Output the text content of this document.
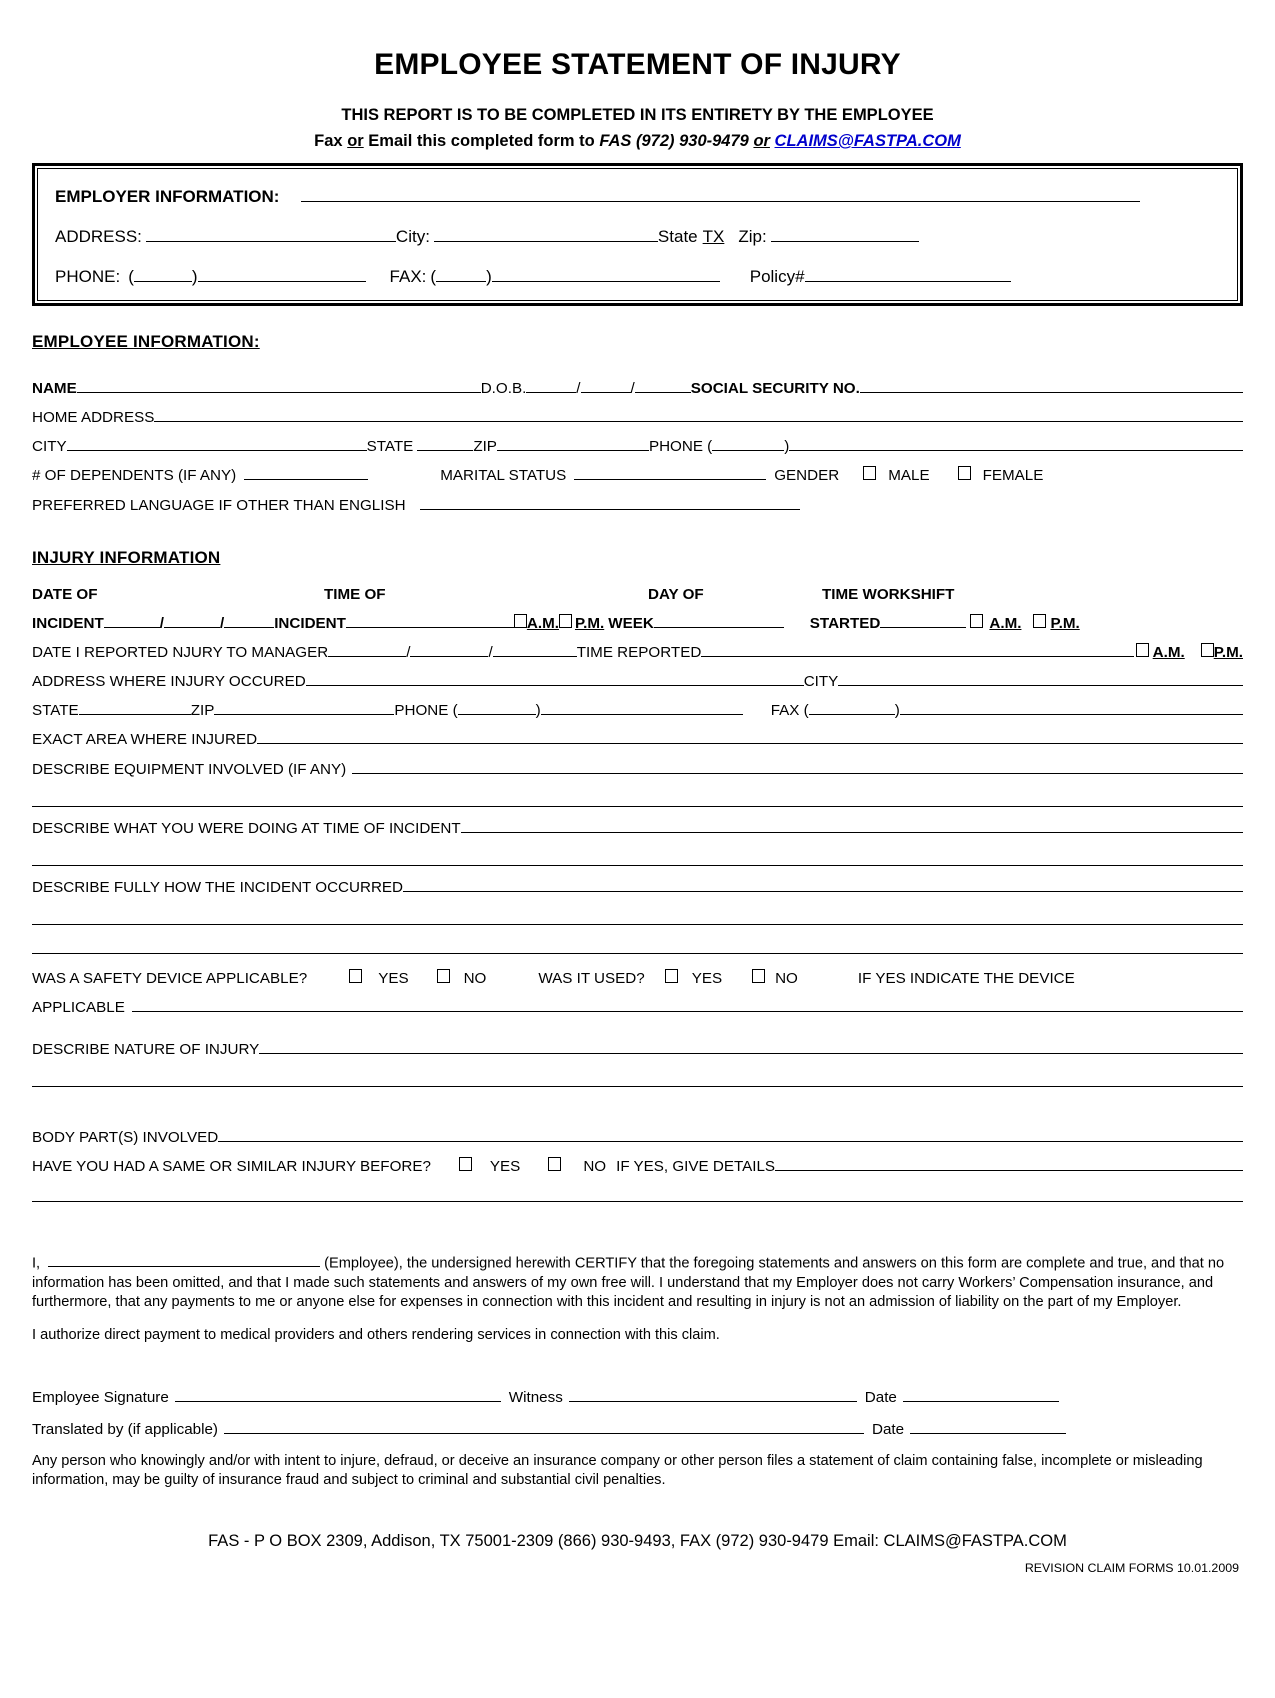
EMPLOYEE STATEMENT OF INJURY
THIS REPORT IS TO BE COMPLETED IN ITS ENTIRETY BY THE EMPLOYEE
Fax or Email this completed form to FAS (972) 930-9479 or CLAIMS@FASTPA.COM
EMPLOYER INFORMATION:
ADDRESS:	City:	State TX Zip:
PHONE: (	)	FAX: (	)	Policy#
EMPLOYEE INFORMATION:
NAME	D.O.B.	/	/	SOCIAL SECURITY NO.
HOME ADDRESS
CITY	STATE	ZIP	PHONE (	)
# OF DEPENDENTS (IF ANY)	MARITAL STATUS	GENDER	MALE	FEMALE
PREFERRED LANGUAGE IF OTHER THAN ENGLISH
INJURY INFORMATION
DATE OF	TIME OF	DAY OF	TIME WORKSHIFT
INCIDENT	/	/	INCIDENT	A.M. P.M. WEEK	STARTED	A.M. P.M.
DATE I REPORTED NJURY TO MANAGER	/	/	TIME REPORTED	A.M. P.M.
ADDRESS WHERE INJURY OCCURED	CITY
STATE	ZIP	PHONE (	)	FAX (	)
EXACT AREA WHERE INJURED
DESCRIBE EQUIPMENT INVOLVED (IF ANY)
DESCRIBE WHAT YOU WERE DOING AT TIME OF INCIDENT
DESCRIBE FULLY HOW THE INCIDENT OCCURRED
WAS A SAFETY DEVICE APPLICABLE?	YES	NO	WAS IT USED?	YES	NO	IF YES INDICATE THE DEVICE
APPLICABLE
DESCRIBE NATURE OF INJURY
BODY PART(S) INVOLVED
HAVE YOU HAD A SAME OR SIMILAR INJURY BEFORE?	YES	NO IF YES, GIVE DETAILS

I,	(Employee), the undersigned herewith CERTIFY that the foregoing statements and answers on this form are complete and true, and that no information has been omitted, and that I made such statements and answers of my own free will. I understand that my Employer does not carry Workers’ Compensation insurance, and furthermore, that any payments to me or anyone else for expenses in connection with this incident and resulting in injury is not an admission of liability on the part of my Employer.

I authorize direct payment to medical providers and others rendering services in connection with this claim.

Employee Signature	Witness	Date
Translated by (if applicable)	Date
Any person who knowingly and/or with intent to injure, defraud, or deceive an insurance company or other person files a statement of claim containing false, incomplete or misleading information, may be guilty of insurance fraud and subject to criminal and substantial civil penalties.
FAS - P O BOX 2309, Addison, TX 75001-2309 (866) 930-9493, FAX (972) 930-9479 Email: CLAIMS@FASTPA.COM
REVISION CLAIM FORMS 10.01.2009
